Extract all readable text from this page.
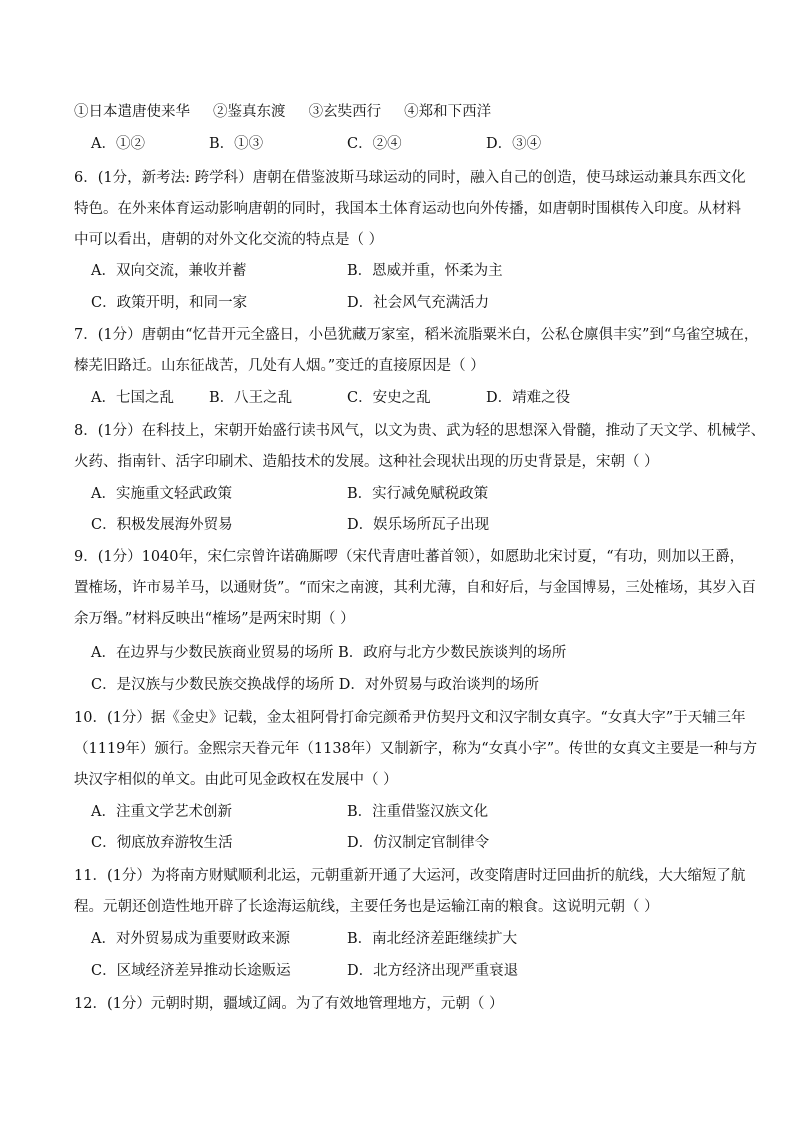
①日本遣唐使来华 ②鉴真东渡 ③玄奘西行 ④郑和下西洋
A．①②	B．①③	C．②④	D．③④
6．(1分，新考法: 跨学科）唐朝在借鉴波斯马球运动的同时，融入自己的创造，使马球运动兼具东西文化
特色。在外来体育运动影响唐朝的同时，我国本土体育运动也向外传播，如唐朝时围棋传入印度。从材料
中可以看出，唐朝的对外文化交流的特点是（ ）
A．双向交流，兼收并蓄	B．恩威并重，怀柔为主
C．政策开明，和同一家	D．社会风气充满活力
7．(1分）唐朝由“忆昔开元全盛日，小邑犹藏万家室，稻米流脂粟米白，公私仓廪俱丰实”到“乌雀空城在，
榛芜旧路迁。山东征战苦，几处有人烟。”变迁的直接原因是（ ）
A．七国之乱 B．八王之乱	C．安史之乱	D．靖难之役
8．(1分）在科技上，宋朝开始盛行读书风气，以文为贵、武为轻的思想深入骨髓，推动了天文学、机械学、
火药、指南针、活字印刷术、造船技术的发展。这种社会现状出现的历史背景是，宋朝（ ）
A．实施重文轻武政策	B．实行减免赋税政策
C．积极发展海外贸易	D．娱乐场所瓦子出现
9．(1分）1040年，宋仁宗曾许诺确厮啰（宋代青唐吐蕃首领），如愿助北宋讨夏，“有功，则加以王爵，
置榷场，许市易羊马，以通财货”。“而宋之南渡，其利尤薄，自和好后，与金国博易，三处榷场，其岁入百
余万缗。”材料反映出“榷场”是两宋时期（ ）
A．在边界与少数民族商业贸易的场所 B．政府与北方少数民族谈判的场所
C．是汉族与少数民族交换战俘的场所 D．对外贸易与政治谈判的场所
10．(1分）据《金史》记载，金太祖阿骨打命完颜希尹仿契丹文和汉字制女真字。“女真大字”于天辅三年
（1119年）颁行。金熙宗天眷元年（1138年）又制新字，称为“女真小字”。传世的女真文主要是一种与方
块汉字相似的单文。由此可见金政权在发展中（ ）
A．注重文学艺术创新	B．注重借鉴汉族文化
C．彻底放弃游牧生活	D．仿汉制定官制律令
11．(1分）为将南方财赋顺利北运，元朝重新开通了大运河，改变隋唐时迂回曲折的航线，大大缩短了航
程。元朝还创造性地开辟了长途海运航线，主要任务也是运输江南的粮食。这说明元朝（ ）
A．对外贸易成为重要财政来源	B．南北经济差距继续扩大
C．区域经济差异推动长途贩运	D．北方经济出现严重衰退
12．(1分）元朝时期，疆域辽阔。为了有效地管理地方，元朝（ ）
